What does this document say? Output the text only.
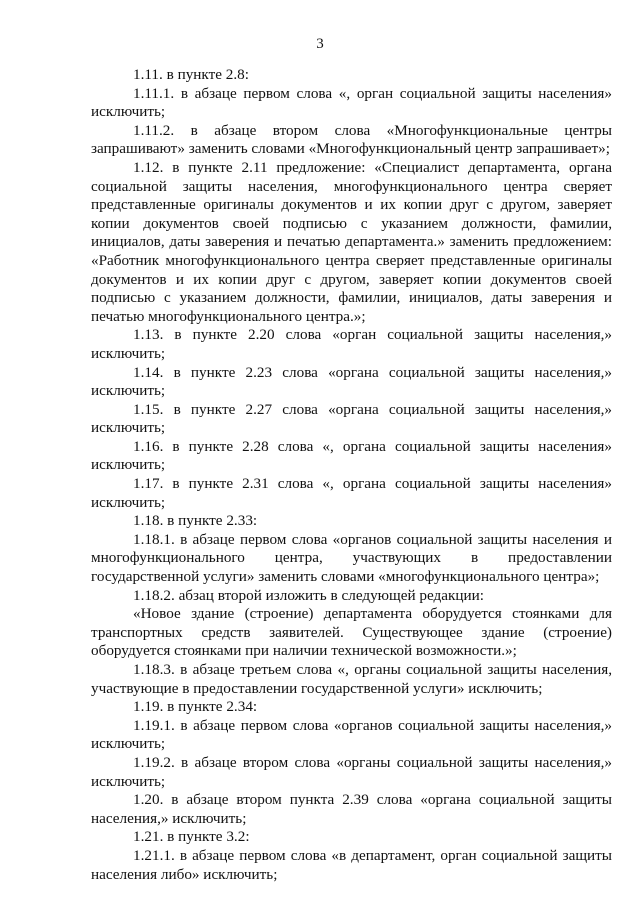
3

1.11. в пункте 2.8:

1.11.1. в абзаце первом слова «, орган социальной защиты населения» исключить;

1.11.2. в абзаце втором слова «Многофункциональные центры запрашивают» заменить словами «Многофункциональный центр запрашивает»;

1.12. в пункте 2.11 предложение: «Специалист департамента, органа социальной защиты населения, многофункционального центра сверяет представленные оригиналы документов и их копии друг с другом, заверяет копии документов своей подписью с указанием должности, фамилии, инициалов, даты заверения и печатью департамента.» заменить предложением: «Работник многофункционального центра сверяет представленные оригиналы документов и их копии друг с другом, заверяет копии документов своей подписью с указанием должности, фамилии, инициалов, даты заверения и печатью многофункционального центра.»;

1.13. в пункте 2.20 слова «орган социальной защиты населения,» исключить;

1.14. в пункте 2.23 слова «органа социальной защиты населения,» исключить;

1.15. в пункте 2.27 слова «органа социальной защиты населения,» исключить;

1.16. в пункте 2.28 слова «, органа социальной защиты населения» исключить;

1.17. в пункте 2.31 слова «, органа социальной защиты населения» исключить;

1.18. в пункте 2.33:

1.18.1. в абзаце первом слова «органов социальной защиты населения и многофункционального центра, участвующих в предоставлении государственной услуги» заменить словами «многофункционального центра»;

1.18.2. абзац второй изложить в следующей редакции:

«Новое здание (строение) департамента оборудуется стоянками для транспортных средств заявителей. Существующее здание (строение) оборудуется стоянками при наличии технической возможности.»;

1.18.3. в абзаце третьем слова «, органы социальной защиты населения, участвующие в предоставлении государственной услуги» исключить;

1.19. в пункте 2.34:

1.19.1. в абзаце первом слова «органов социальной защиты населения,» исключить;

1.19.2. в абзаце втором слова «органы социальной защиты населения,» исключить;

1.20. в абзаце втором пункта 2.39 слова «органа социальной защиты населения,» исключить;

1.21. в пункте 3.2:

1.21.1. в абзаце первом слова «в департамент, орган социальной защиты населения либо» исключить;
